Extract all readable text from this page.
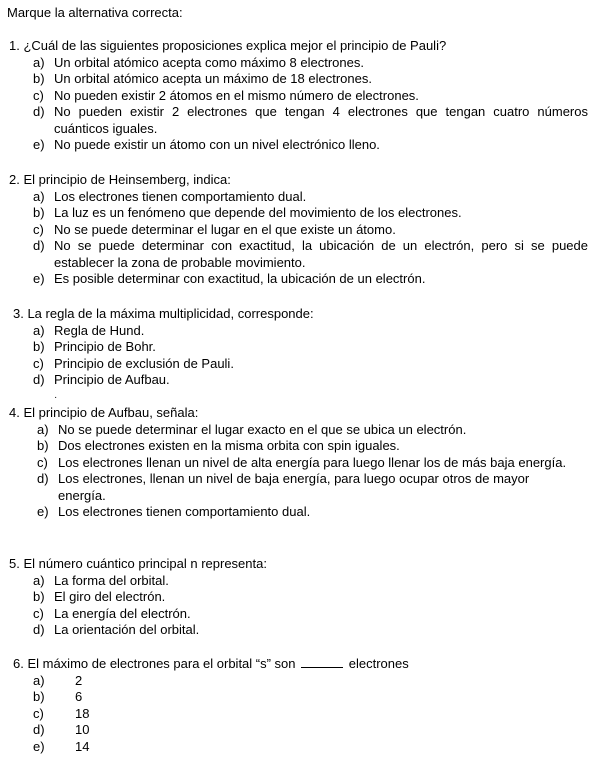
Marque la alternativa correcta:
1. ¿Cuál de las siguientes proposiciones explica mejor el principio de Pauli?
a) Un orbital atómico acepta como máximo 8 electrones.
b) Un orbital atómico acepta un máximo de 18 electrones.
c) No pueden existir 2 átomos en el mismo número de electrones.
d) No pueden existir 2 electrones que tengan 4 electrones que tengan cuatro números cuánticos iguales.
e) No puede existir un átomo con un nivel electrónico lleno.
2. El principio de Heinsemberg, indica:
a) Los electrones tienen comportamiento dual.
b) La luz es un fenómeno que depende del movimiento de los electrones.
c) No se puede determinar el lugar en el que existe un átomo.
d) No se puede determinar con exactitud, la ubicación de un electrón, pero si se puede establecer la zona de probable movimiento.
e) Es posible determinar con exactitud, la ubicación de un electrón.
3. La regla de la máxima multiplicidad, corresponde:
a) Regla de Hund.
b) Principio de Bohr.
c) Principio de exclusión de Pauli.
d) Principio de Aufbau.
·
4. El principio de Aufbau, señala:
a) No se puede determinar el lugar exacto en el que se ubica un electrón.
b) Dos electrones existen en la misma orbita con spin iguales.
c) Los electrones llenan un nivel de alta energía para luego llenar los de más baja energía.
d) Los electrones, llenan un nivel de baja energía, para luego ocupar otros de mayor energía.
e) Los electrones tienen comportamiento dual.
5. El número cuántico principal n representa:
a) La forma del orbital.
b) El giro del electrón.
c) La energía del electrón.
d) La orientación del orbital.
6. El máximo de electrones para el orbital “s” son	electrones
a) 2

b) 6

c) 18

d) 10

e) 14
